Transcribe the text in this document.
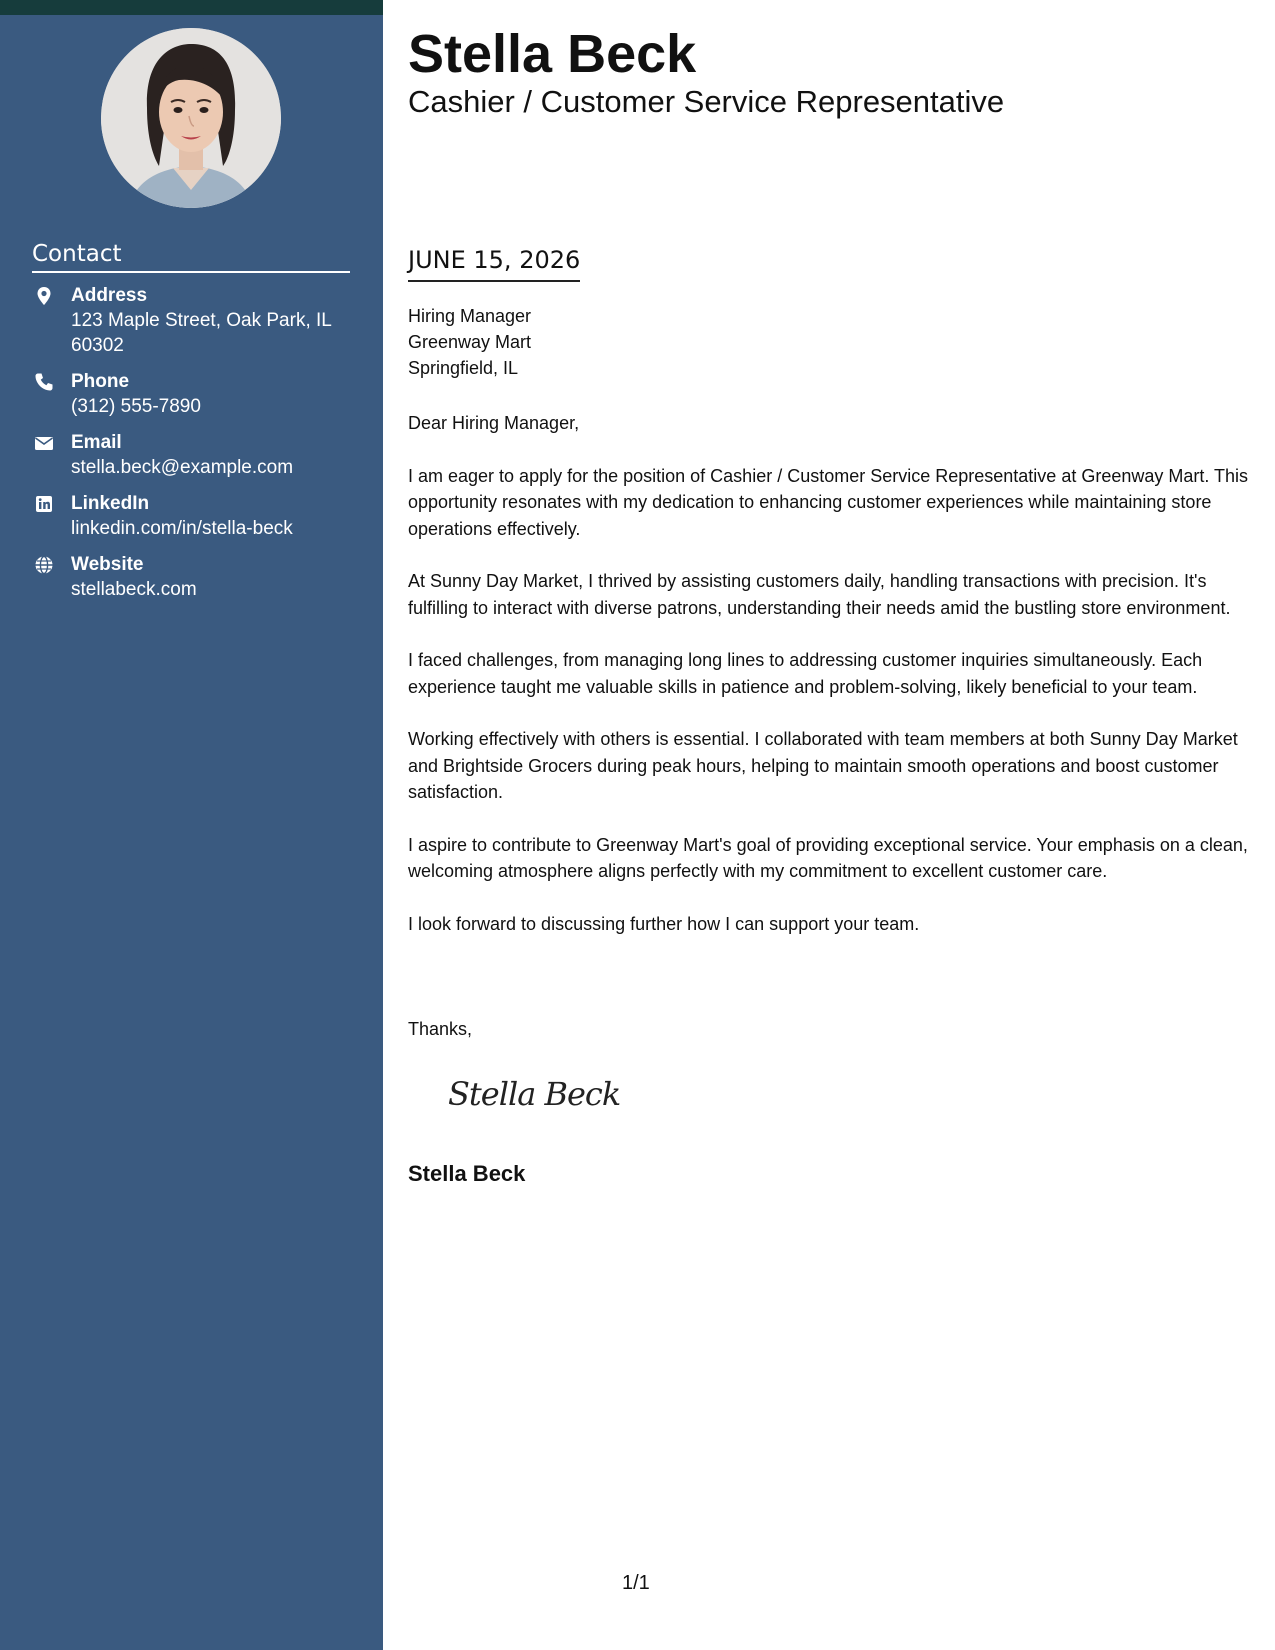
Contact
Address
123 Maple Street, Oak Park, IL 60302
Phone
(312) 555-7890
Email
stella.beck@example.com
LinkedIn
linkedin.com/in/stella-beck
Website
stellabeck.com
Stella Beck
Cashier / Customer Service Representative
JUNE 15, 2026
Hiring Manager
Greenway Mart
Springfield, IL
Dear Hiring Manager,

I am eager to apply for the position of Cashier / Customer Service Representative at Greenway Mart. This opportunity resonates with my dedication to enhancing customer experiences while maintaining store operations effectively.

At Sunny Day Market, I thrived by assisting customers daily, handling transactions with precision. It's fulfilling to interact with diverse patrons, understanding their needs amid the bustling store environment.

I faced challenges, from managing long lines to addressing customer inquiries simultaneously. Each experience taught me valuable skills in patience and problem-solving, likely beneficial to your team.

Working effectively with others is essential. I collaborated with team members at both Sunny Day Market and Brightside Grocers during peak hours, helping to maintain smooth operations and boost customer satisfaction.

I aspire to contribute to Greenway Mart's goal of providing exceptional service. Your emphasis on a clean, welcoming atmosphere aligns perfectly with my commitment to excellent customer care.

I look forward to discussing further how I can support your team.

Thanks,
Stella Beck
Stella Beck
1/1
